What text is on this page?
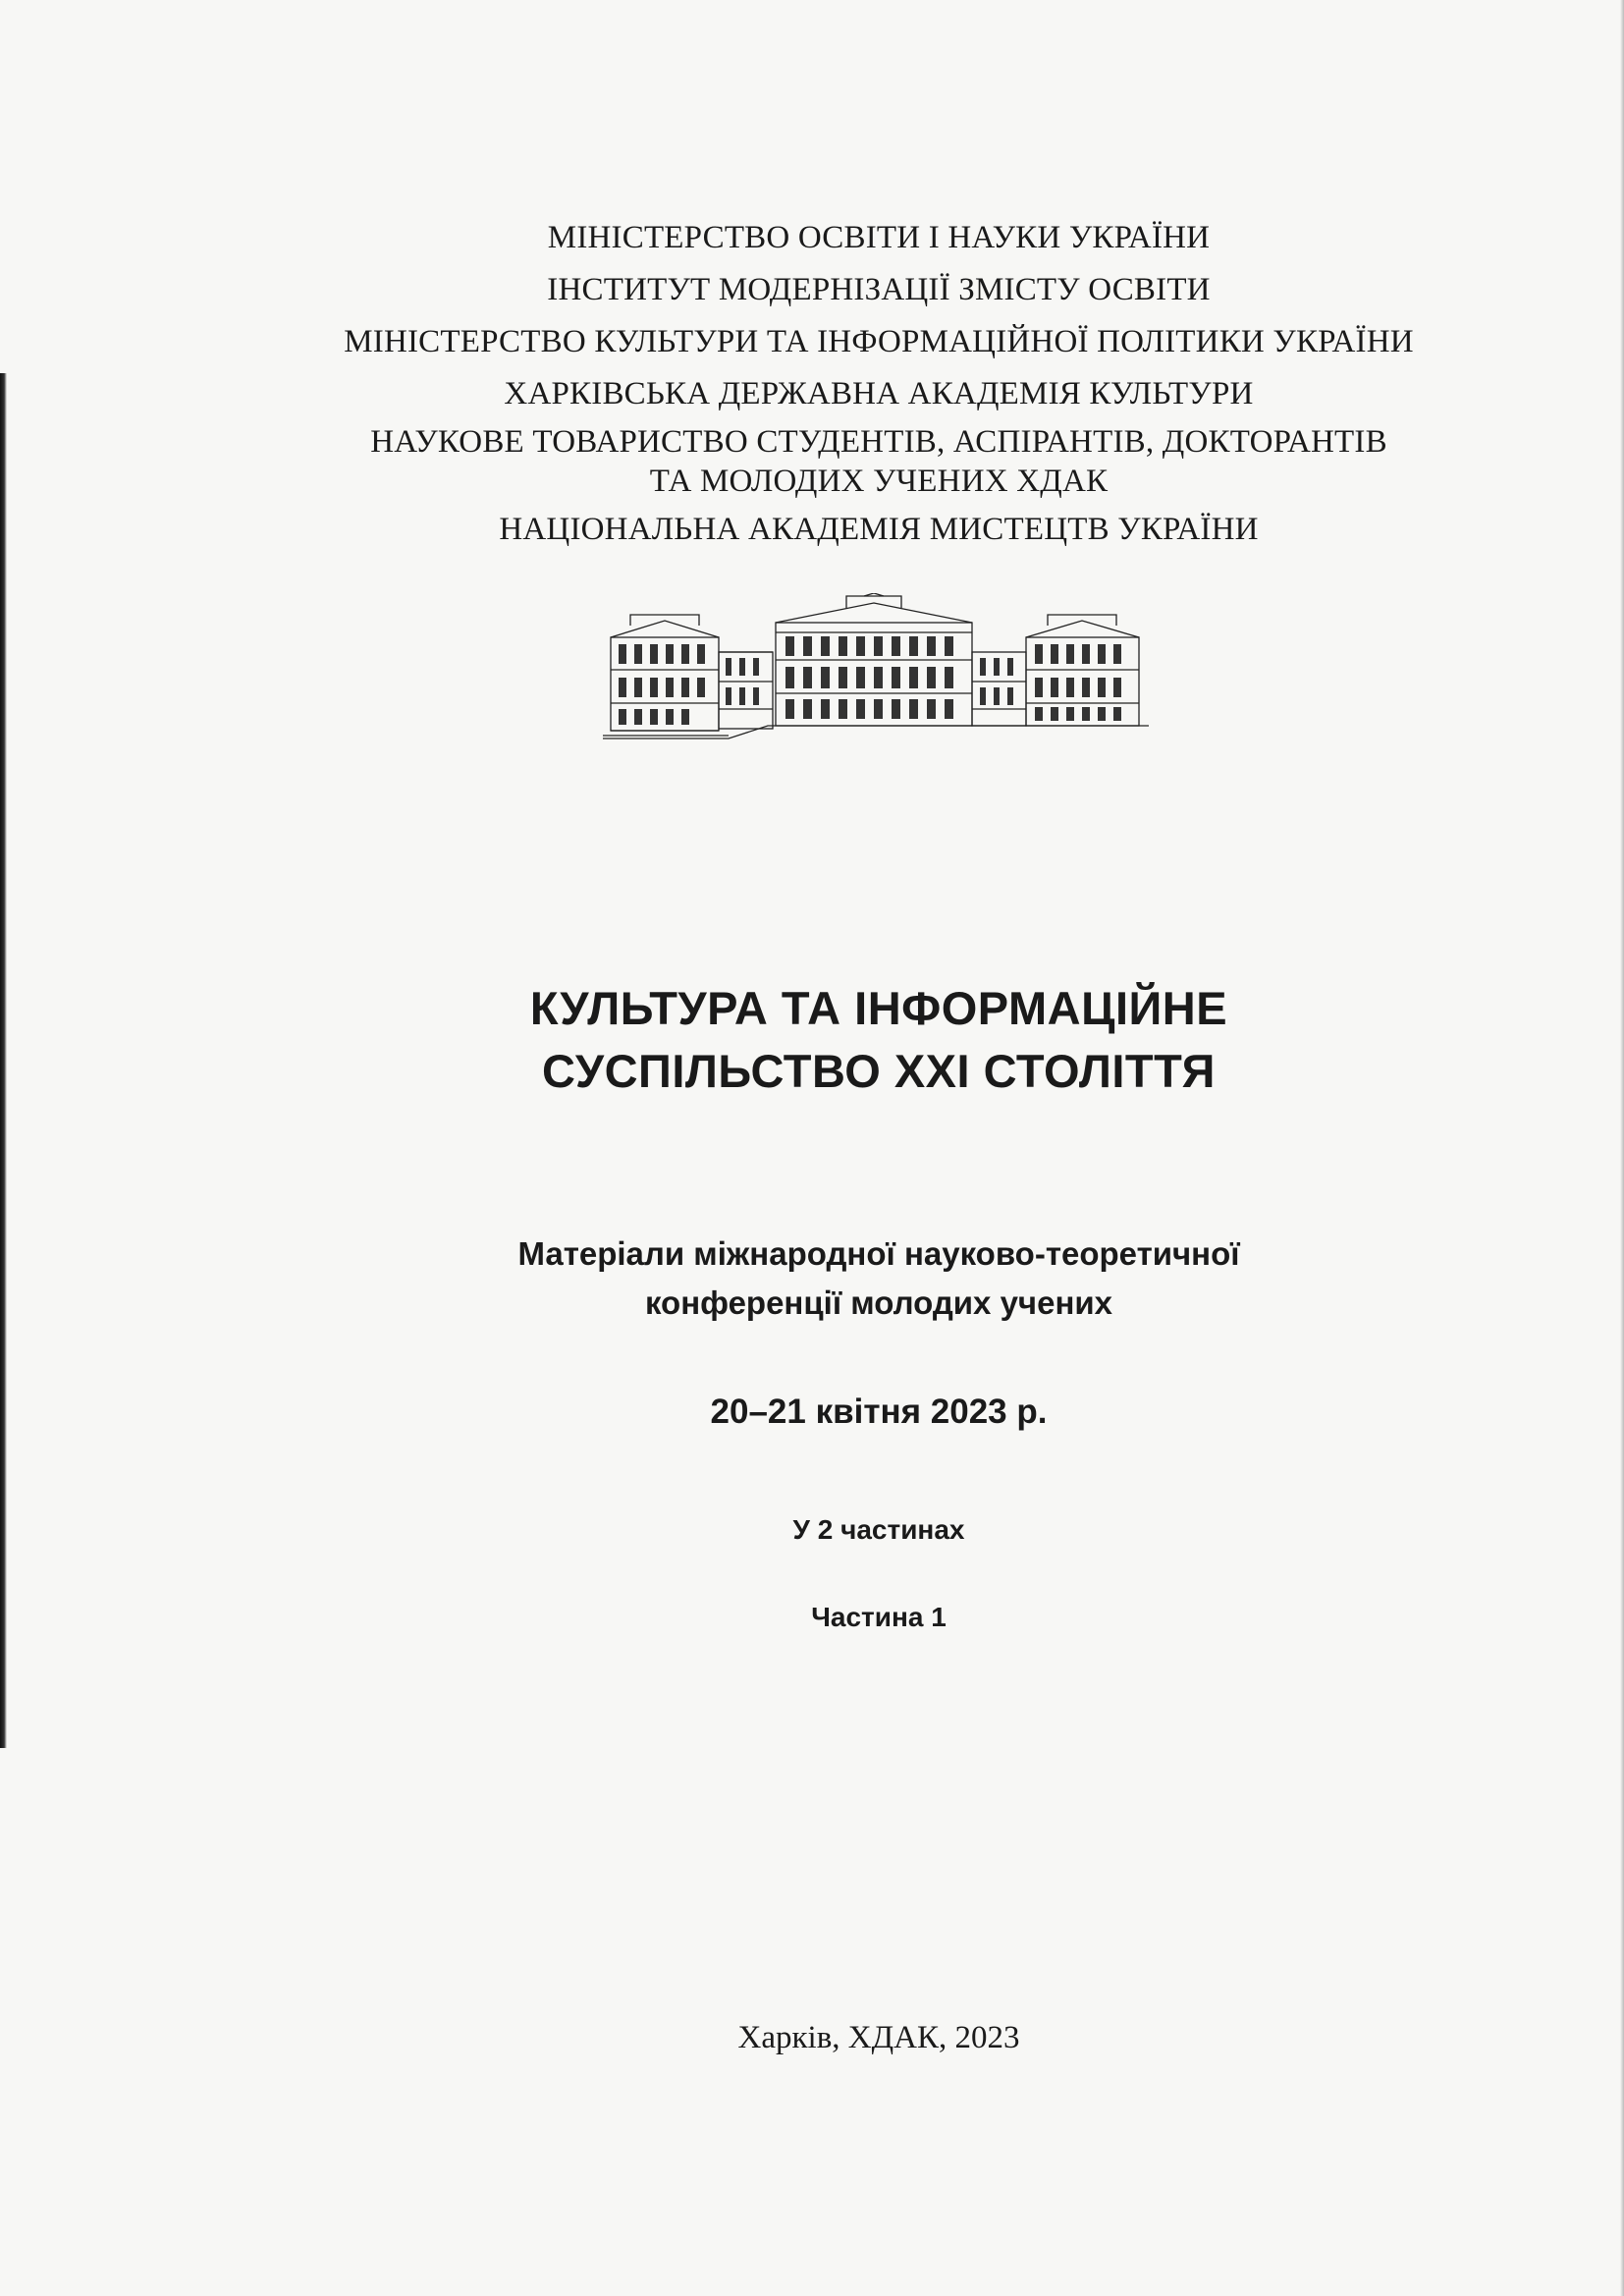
МІНІСТЕРСТВО ОСВІТИ І НАУКИ УКРАЇНИ
ІНСТИТУТ МОДЕРНІЗАЦІЇ ЗМІСТУ ОСВІТИ
МІНІСТЕРСТВО КУЛЬТУРИ ТА ІНФОРМАЦІЙНОЇ ПОЛІТИКИ УКРАЇНИ
ХАРКІВСЬКА ДЕРЖАВНА АКАДЕМІЯ КУЛЬТУРИ
НАУКОВЕ ТОВАРИСТВО СТУДЕНТІВ, АСПІРАНТІВ, ДОКТОРАНТІВ
ТА МОЛОДИХ УЧЕНИХ ХДАК
НАЦІОНАЛЬНА АКАДЕМІЯ МИСТЕЦТВ УКРАЇНИ
КУЛЬТУРА ТА ІНФОРМАЦІЙНЕ
СУСПІЛЬСТВО XXI СТОЛІТТЯ
Матеріали міжнародної науково-теоретичної
конференції молодих учених
20–21 квітня 2023 р.
У 2 частинах
Частина 1
Харків, ХДАК, 2023
